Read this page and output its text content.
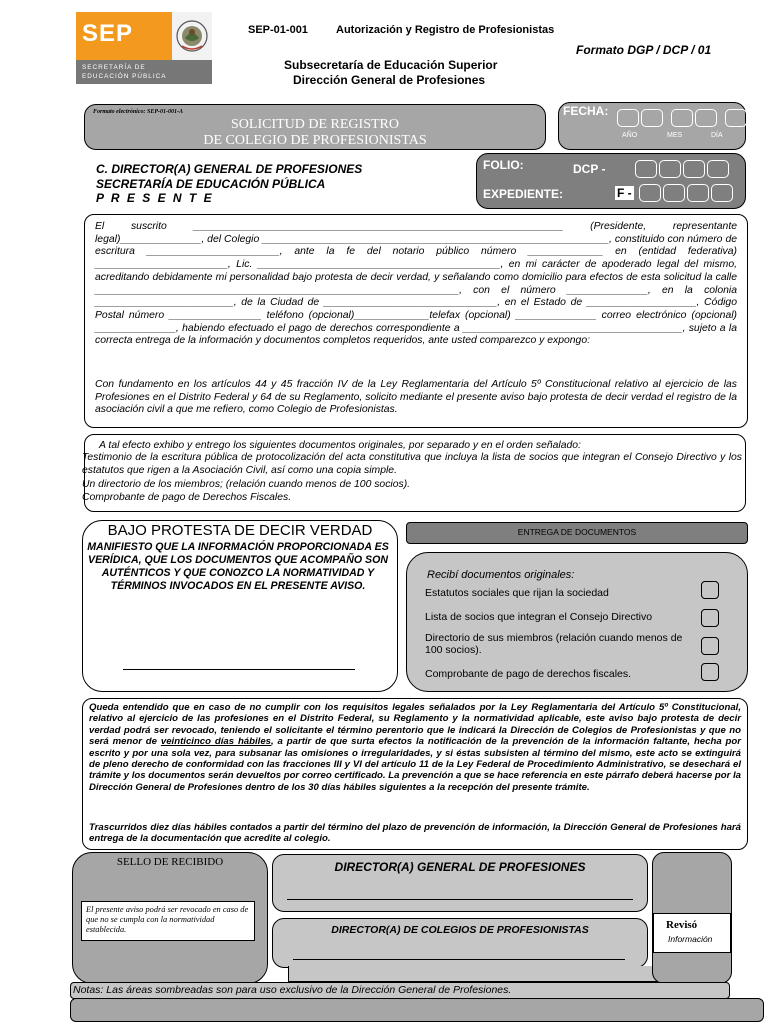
SEP
SECRETARÍA DE
EDUCACIÓN PÚBLICA
SEP-01-001	Autorización y Registro de Profesionistas
Formato DGP / DCP / 01
Subsecretaría de Educación Superior
Dirección General de Profesiones
Formato electrónico: SEP-01-001-A
SOLICITUD DE REGISTRO
DE COLEGIO DE PROFESIONISTAS
FECHA:
AÑO	MES	DÍA
C. DIRECTOR(A) GENERAL DE PROFESIONES
SECRETARÍA DE EDUCACIÓN PÚBLICA
P R E S E N T E
FOLIO:	DCP -
EXPEDIENTE:	F -
El suscrito ________________________________________________________________ (Presidente, representante legal)______________, del Colegio ____________________________________________________________, constituido con número de escritura _______________________, ante la fe del notario público número _____________ en (entidad federativa) _______________________, Lic. __________________________________________, en mi carácter de apoderado legal del mismo, acreditando debidamente mi personalidad bajo protesta de decir verdad, y señalando como domicilio para efectos de esta solicitud la calle _______________________________________________________________, con el número ______________, en la colonia ________________________, de la Ciudad de ______________________________, en el Estado de ___________________, Código Postal número ________________ teléfono (opcional)_____________telefax (opcional) ______________ correo electrónico (opcional) ______________, habiendo efectuado el pago de derechos correspondiente a ______________________________________, sujeto a la correcta entrega de la información y documentos completos requeridos, ante usted comparezco y expongo:
Con fundamento en los artículos 44 y 45 fracción IV de la Ley Reglamentaria del Artículo 5º Constitucional relativo al ejercicio de las Profesiones en el Distrito Federal y 64 de su Reglamento, solicito mediante el presente aviso bajo protesta de decir verdad el registro de la asociación civil a que me refiero, como Colegio de Profesionistas.
A tal efecto exhibo y entrego los siguientes documentos originales, por separado y en el orden señalado:
Testimonio de la escritura pública de protocolización del acta constitutiva que incluya la lista de socios que integran el Consejo Directivo y los estatutos que rigen a la Asociación Civil, así como una copia simple.
Un directorio de los miembros; (relación cuando menos de 100 socios).
Comprobante de pago de Derechos Fiscales.
BAJO PROTESTA DE DECIR VERDAD
MANIFIESTO QUE LA INFORMACIÓN PROPORCIONADA ES VERÍDICA, QUE LOS DOCUMENTOS QUE ACOMPAÑO SON AUTÉNTICOS Y QUE CONOZCO LA NORMATIVIDAD Y TÉRMINOS INVOCADOS EN EL PRESENTE AVISO.
ENTREGA DE DOCUMENTOS
Recibí documentos originales:
Estatutos sociales que rijan la sociedad
Lista de socios que integran el Consejo Directivo
Directorio de sus miembros (relación cuando menos de 100 socios).
Comprobante de pago de derechos fiscales.
Queda entendido que en caso de no cumplir con los requisitos legales señalados por la Ley Reglamentaria del Artículo 5º Constitucional, relativo al ejercicio de las profesiones en el Distrito Federal, su Reglamento y la normatividad aplicable, este aviso bajo protesta de decir verdad podrá ser revocado, teniendo el solicitante el término perentorio que le indicará la Dirección de Colegios de Profesionistas y que no será menor de veinticinco días hábiles, a partir de que surta efectos la notificación de la prevención de la información faltante, hecha por escrito y por una sola vez, para subsanar las omisiones o irregularidades, y si éstas subsisten al término del mismo, este acto se extinguirá de pleno derecho de conformidad con las fracciones III y VI del artículo 11 de la Ley Federal de Procedimiento Administrativo, se desechará el trámite y los documentos serán devueltos por correo certificado. La prevención a que se hace referencia en este párrafo deberá hacerse por la Dirección General de Profesiones dentro de los 30 días hábiles siguientes a la recepción del presente trámite.
Trascurridos diez días hábiles contados a partir del término del plazo de prevención de información, la Dirección General de Profesiones hará entrega de la documentación que acredite al colegio.
SELLO DE RECIBIDO
El presente aviso podrá ser revocado en caso de que no se cumpla con la normatividad establecida.
DIRECTOR(A) GENERAL DE PROFESIONES
DIRECTOR(A) DE COLEGIOS DE PROFESIONISTAS	Revisó
Información
Notas: Las áreas sombreadas son para uso exclusivo de la Dirección General de Profesiones.
